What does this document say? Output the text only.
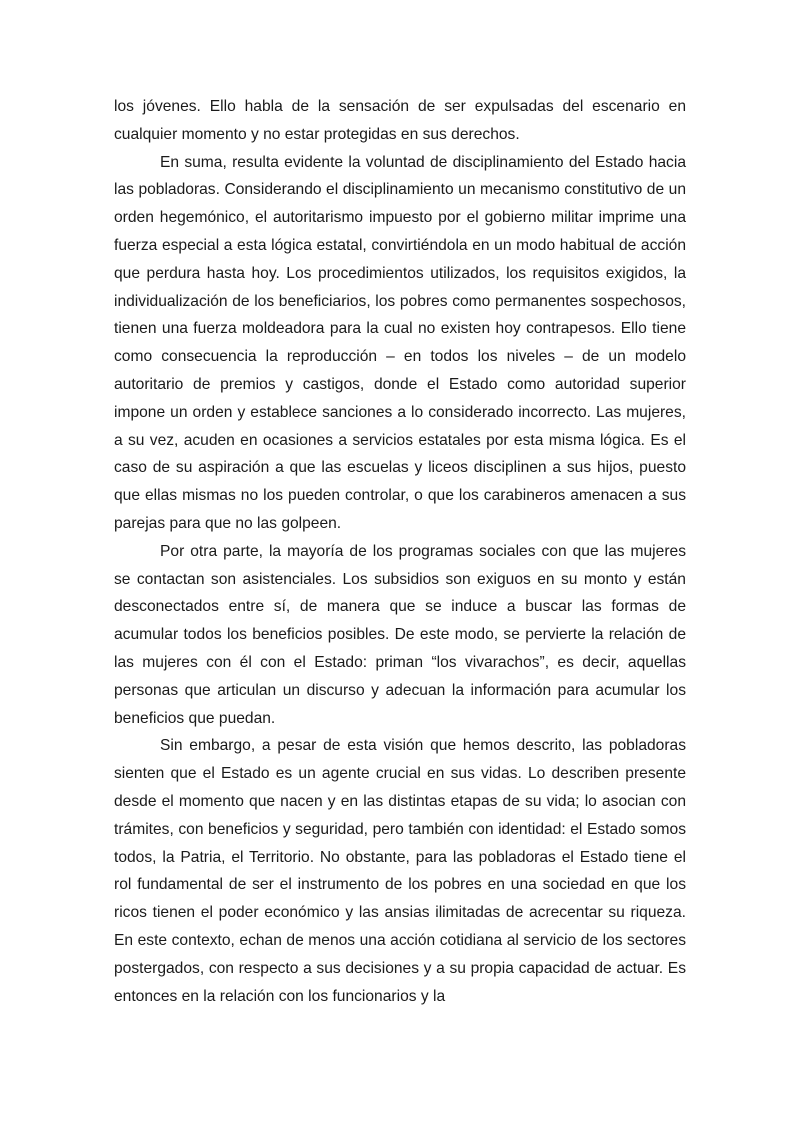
los jóvenes. Ello habla de la sensación de ser expulsadas del escenario en cualquier momento y no estar protegidas en sus derechos.

En suma, resulta evidente la voluntad de disciplinamiento del Estado hacia las pobladoras. Considerando el disciplinamiento un mecanismo constitutivo de un orden hegemónico, el autoritarismo impuesto por el gobierno militar imprime una fuerza especial a esta lógica estatal, convirtiéndola en un modo habitual de acción que perdura hasta hoy. Los procedimientos utilizados, los requisitos exigidos, la individualización de los beneficiarios, los pobres como permanentes sospechosos, tienen una fuerza moldeadora para la cual no existen hoy contrapesos. Ello tiene como consecuencia la reproducción – en todos los niveles – de un modelo autoritario de premios y castigos, donde el Estado como autoridad superior impone un orden y establece sanciones a lo considerado incorrecto. Las mujeres, a su vez, acuden en ocasiones a servicios estatales por esta misma lógica. Es el caso de su aspiración a que las escuelas y liceos disciplinen a sus hijos, puesto que ellas mismas no los pueden controlar, o que los carabineros amenacen a sus parejas para que no las golpeen.

Por otra parte, la mayoría de los programas sociales con que las mujeres se contactan son asistenciales. Los subsidios son exiguos en su monto y están desconectados entre sí, de manera que se induce a buscar las formas de acumular todos los beneficios posibles. De este modo, se pervierte la relación de las mujeres con él con el Estado: priman “los vivarachos”, es decir, aquellas personas que articulan un discurso y adecuan la información para acumular los beneficios que puedan.

Sin embargo, a pesar de esta visión que hemos descrito, las pobladoras sienten que el Estado es un agente crucial en sus vidas. Lo describen presente desde el momento que nacen y en las distintas etapas de su vida; lo asocian con trámites, con beneficios y seguridad, pero también con identidad: el Estado somos todos, la Patria, el Territorio. No obstante, para las pobladoras el Estado tiene el rol fundamental de ser el instrumento de los pobres en una sociedad en que los ricos tienen el poder económico y las ansias ilimitadas de acrecentar su riqueza. En este contexto, echan de menos una acción cotidiana al servicio de los sectores postergados, con respecto a sus decisiones y a su propia capacidad de actuar. Es entonces en la relación con los funcionarios y la
